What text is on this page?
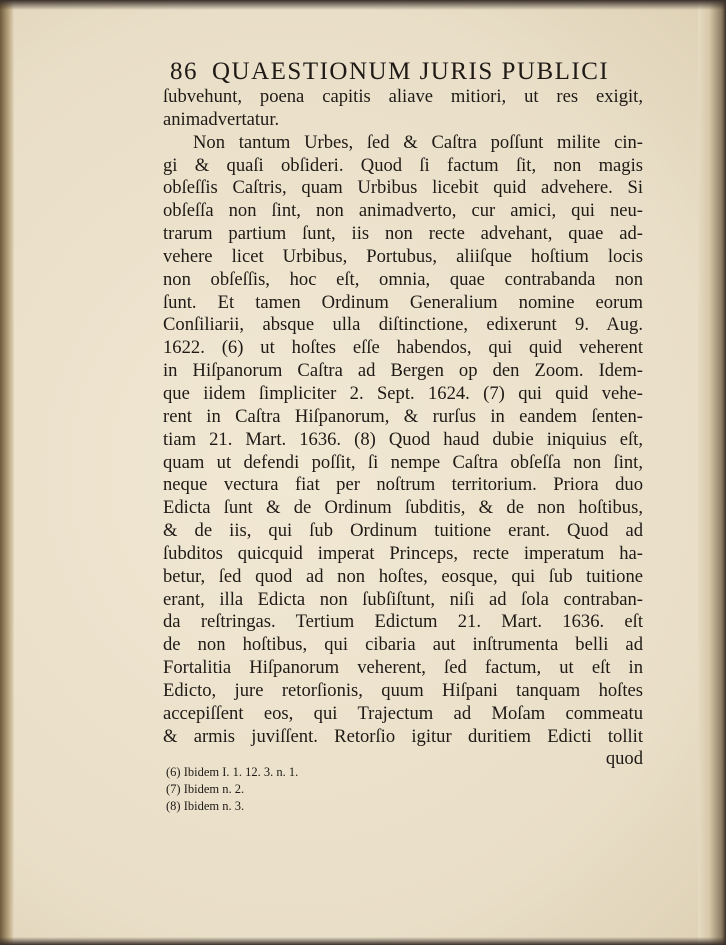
86 QUAESTIONUM JURIS PUBLICI
ſubvehunt, poena capitis aliave mitiori, ut res exigit,
animadvertatur.
Non tantum Urbes, ſed & Caſtra poſſunt milite cin-
gi & quaſi obſideri. Quod ſi factum ſit, non magis
obſeſſis Caſtris, quam Urbibus licebit quid advehere. Si
obſeſſa non ſint, non animadverto, cur amici, qui neu-
trarum partium ſunt, iis non recte advehant, quae ad-
vehere licet Urbibus, Portubus, aliiſque hoſtium locis
non obſeſſis, hoc eſt, omnia, quae contrabanda non
ſunt. Et tamen Ordinum Generalium nomine eorum
Conſiliarii, absque ulla diſtinctione, edixerunt 9. Aug.
1622. (6) ut hoſtes eſſe habendos, qui quid veherent
in Hiſpanorum Caſtra ad Bergen op den Zoom. Idem-
que iidem ſimpliciter 2. Sept. 1624. (7) qui quid vehe-
rent in Caſtra Hiſpanorum, & rurſus in eandem ſenten-
tiam 21. Mart. 1636. (8) Quod haud dubie iniquius eſt,
quam ut defendi poſſit, ſi nempe Caſtra obſeſſa non ſint,
neque vectura fiat per noſtrum territorium. Priora duo
Edicta ſunt & de Ordinum ſubditis, & de non hoſtibus,
& de iis, qui ſub Ordinum tuitione erant. Quod ad
ſubditos quicquid imperat Princeps, recte imperatum ha-
betur, ſed quod ad non hoſtes, eosque, qui ſub tuitione
erant, illa Edicta non ſubſiſtunt, niſi ad ſola contraban-
da reſtringas. Tertium Edictum 21. Mart. 1636. eſt
de non hoſtibus, qui cibaria aut inſtrumenta belli ad
Fortalitia Hiſpanorum veherent, ſed factum, ut eſt in
Edicto, jure retorſionis, quum Hiſpani tanquam hoſtes
accepiſſent eos, qui Trajectum ad Moſam commeatu
& armis juviſſent. Retorſio igitur duritiem Edicti tollit
quod
(6) Ibidem I. 1. 12. 3. n. 1.
(7) Ibidem n. 2.
(8) Ibidem n. 3.
